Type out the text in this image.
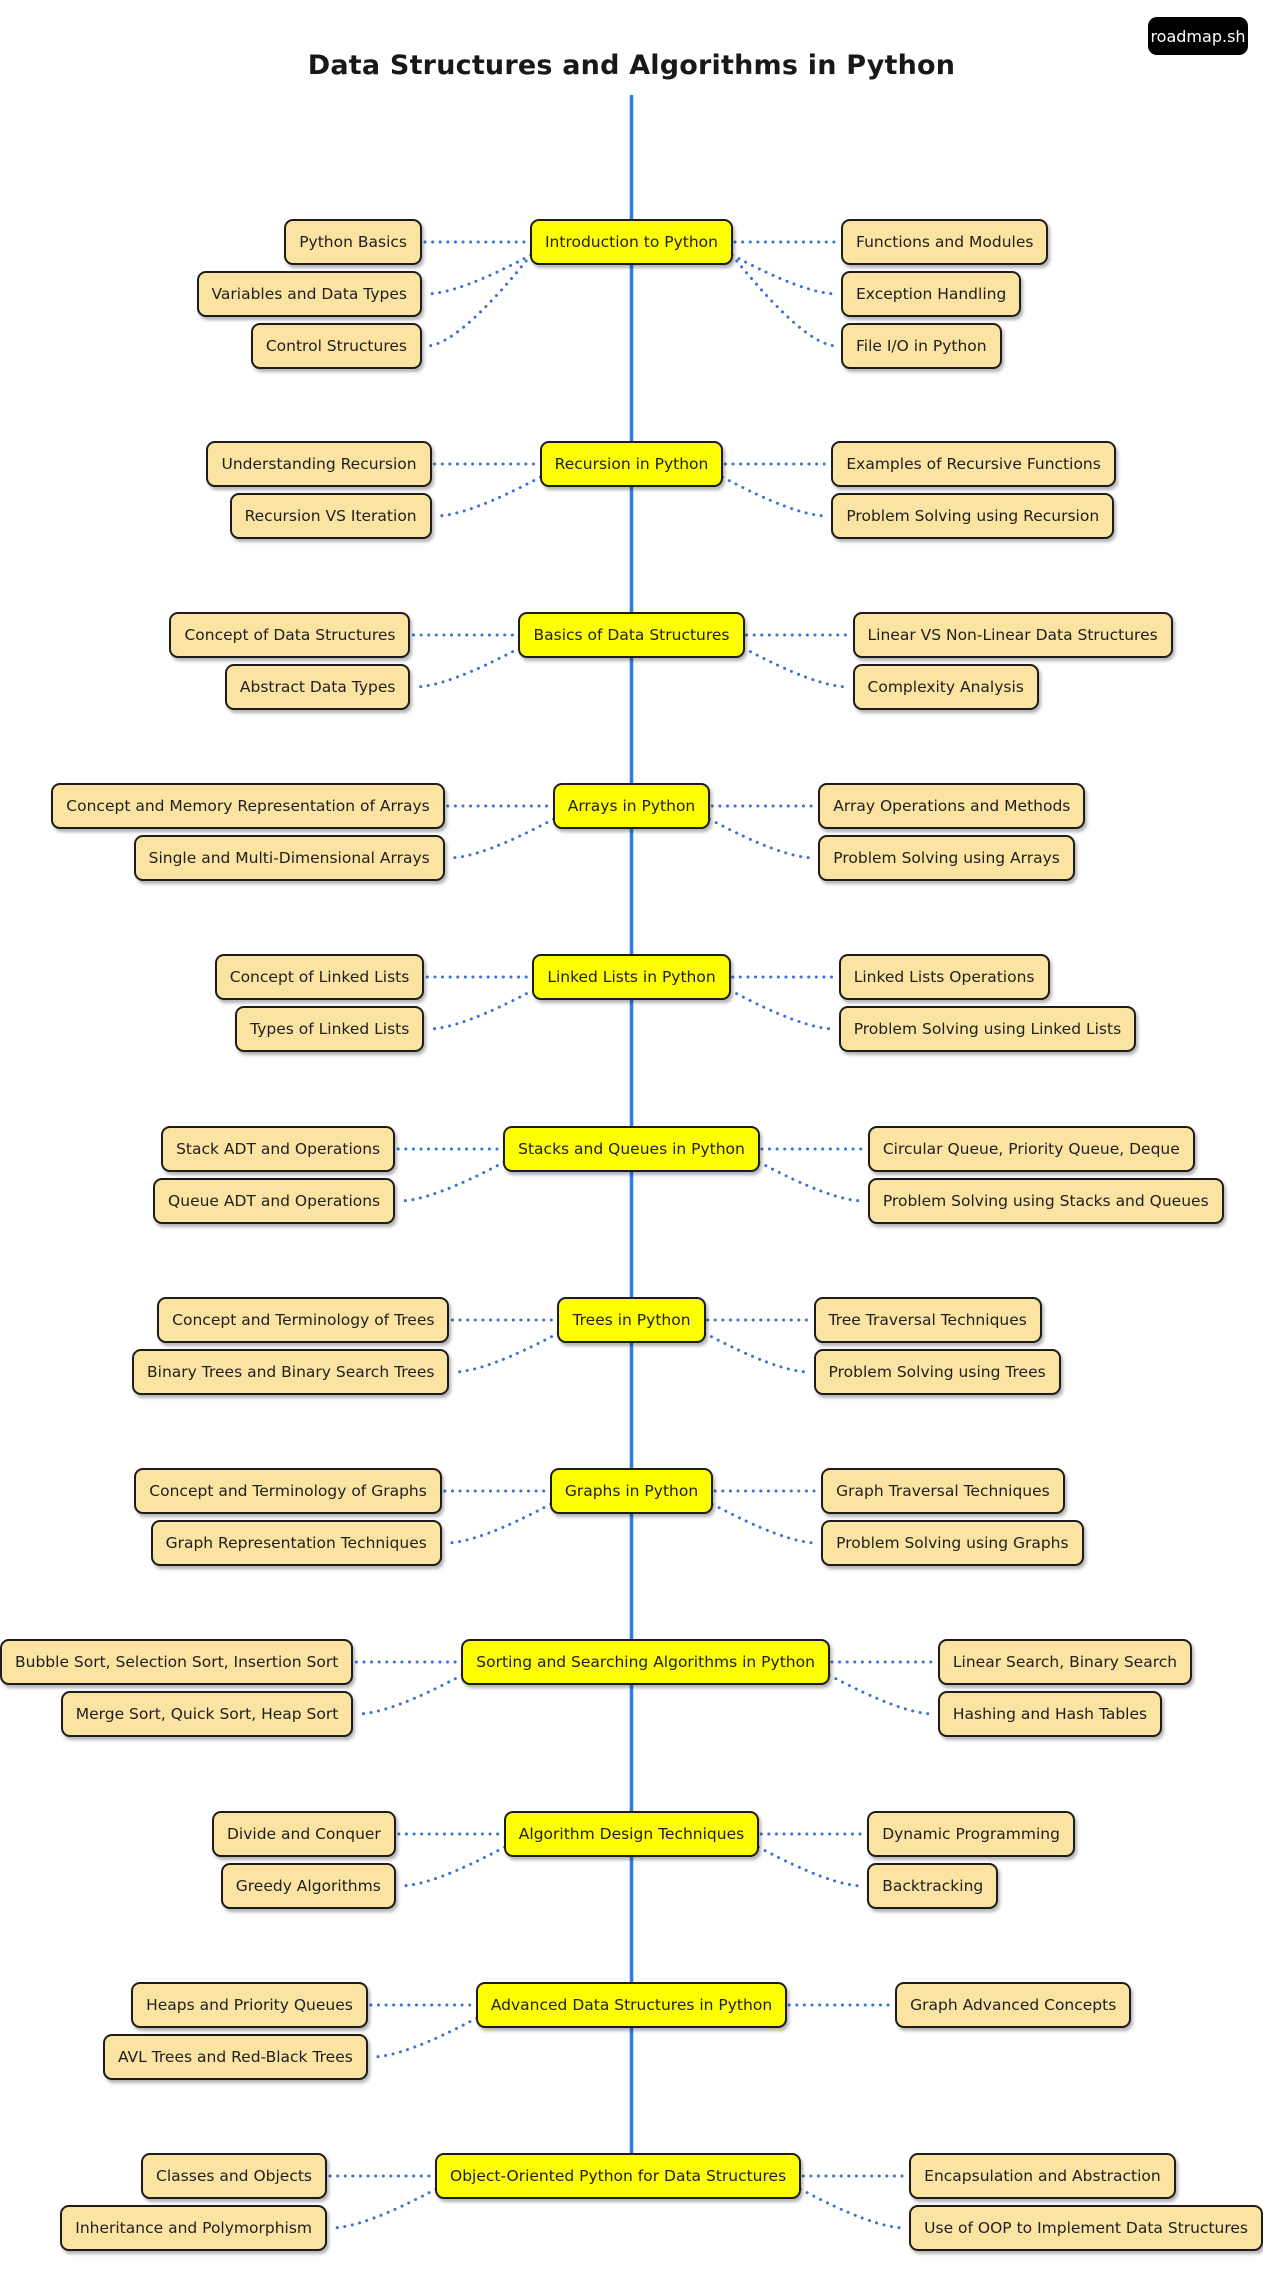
Data Structures and Algorithms in Python
roadmap.sh
Python Basics
Variables and Data Types
Control Structures
Introduction to Python	Functions and Modules
Exception Handling
File I/O in Python
Understanding Recursion
Recursion VS Iteration
Recursion in Python	Examples of Recursive Functions
Problem Solving using Recursion
Concept of Data Structures
Abstract Data Types
Basics of Data Structures	Linear VS Non-Linear Data Structures
Complexity Analysis
Concept and Memory Representation of Arrays
Single and Multi-Dimensional Arrays
Arrays in Python	Array Operations and Methods
Problem Solving using Arrays
Concept of Linked Lists
Types of Linked Lists
Linked Lists in Python	Linked Lists Operations
Problem Solving using Linked Lists
Stack ADT and Operations
Queue ADT and Operations
Stacks and Queues in Python	Circular Queue, Priority Queue, Deque
Problem Solving using Stacks and Queues
Concept and Terminology of Trees
Binary Trees and Binary Search Trees
Trees in Python	Tree Traversal Techniques
Problem Solving using Trees
Concept and Terminology of Graphs
Graph Representation Techniques
Graphs in Python	Graph Traversal Techniques
Problem Solving using Graphs
Bubble Sort, Selection Sort, Insertion Sort
Merge Sort, Quick Sort, Heap Sort
Sorting and Searching Algorithms in Python	Linear Search, Binary Search
Hashing and Hash Tables
Divide and Conquer
Greedy Algorithms
Algorithm Design Techniques	Dynamic Programming
Backtracking
Heaps and Priority Queues
AVL Trees and Red-Black Trees
Advanced Data Structures in Python	Graph Advanced Concepts
Classes and Objects
Inheritance and Polymorphism
Object-Oriented Python for Data Structures	Encapsulation and Abstraction
Use of OOP to Implement Data Structures
